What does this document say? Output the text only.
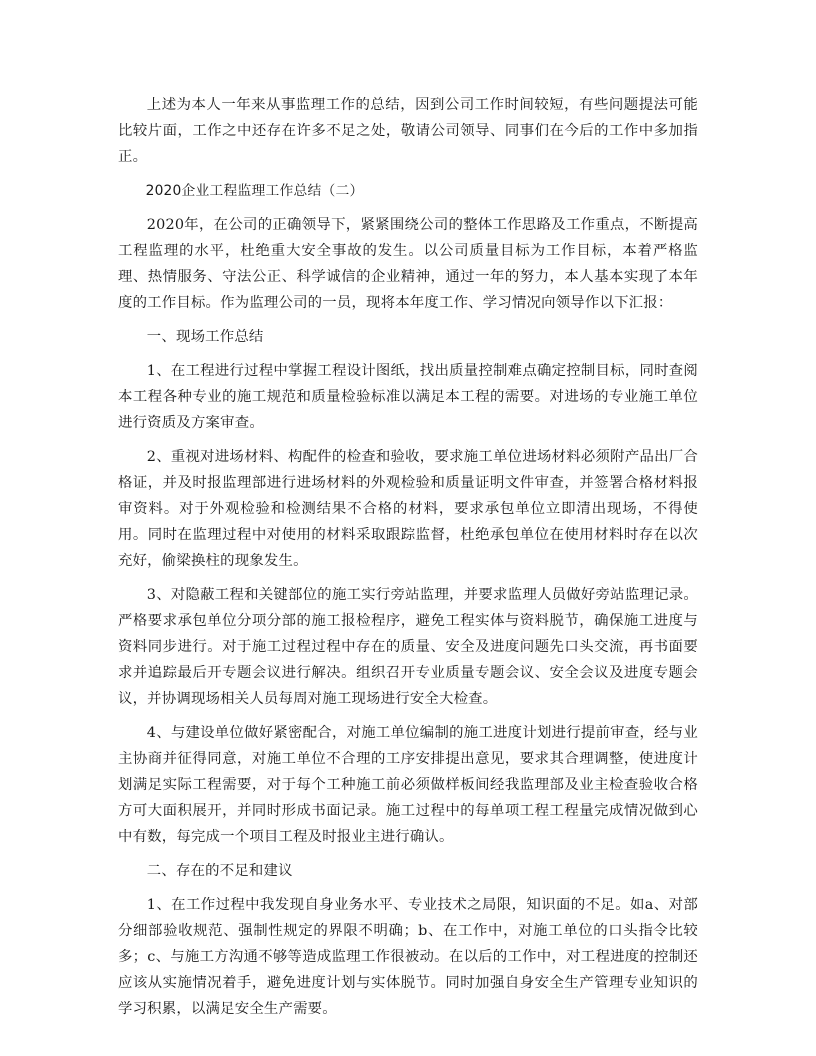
上述为本人一年来从事监理工作的总结，因到公司工作时间较短，有些问题提法可能比较片面，工作之中还存在许多不足之处，敬请公司领导、同事们在今后的工作中多加指正。

2020企业工程监理工作总结（二）

2020年，在公司的正确领导下，紧紧围绕公司的整体工作思路及工作重点，不断提高工程监理的水平，杜绝重大安全事故的发生。以公司质量目标为工作目标，本着严格监理、热情服务、守法公正、科学诚信的企业精神，通过一年的努力，本人基本实现了本年度的工作目标。作为监理公司的一员，现将本年度工作、学习情况向领导作以下汇报：

一、现场工作总结

1、在工程进行过程中掌握工程设计图纸，找出质量控制难点确定控制目标，同时查阅本工程各种专业的施工规范和质量检验标准以满足本工程的需要。对进场的专业施工单位进行资质及方案审查。

2、重视对进场材料、构配件的检查和验收，要求施工单位进场材料必须附产品出厂合格证，并及时报监理部进行进场材料的外观检验和质量证明文件审查，并签署合格材料报审资料。对于外观检验和检测结果不合格的材料，要求承包单位立即清出现场，不得使用。同时在监理过程中对使用的材料采取跟踪监督，杜绝承包单位在使用材料时存在以次充好，偷梁换柱的现象发生。

3、对隐蔽工程和关键部位的施工实行旁站监理，并要求监理人员做好旁站监理记录。严格要求承包单位分项分部的施工报检程序，避免工程实体与资料脱节，确保施工进度与资料同步进行。对于施工过程过程中存在的质量、安全及进度问题先口头交流，再书面要求并追踪最后开专题会议进行解决。组织召开专业质量专题会议、安全会议及进度专题会议，并协调现场相关人员每周对施工现场进行安全大检查。

4、与建设单位做好紧密配合，对施工单位编制的施工进度计划进行提前审查，经与业主协商并征得同意，对施工单位不合理的工序安排提出意见，要求其合理调整，使进度计划满足实际工程需要，对于每个工种施工前必须做样板间经我监理部及业主检查验收合格方可大面积展开，并同时形成书面记录。施工过程中的每单项工程工程量完成情况做到心中有数，每完成一个项目工程及时报业主进行确认。

二、存在的不足和建议

1、在工作过程中我发现自身业务水平、专业技术之局限，知识面的不足。如a、对部分细部验收规范、强制性规定的界限不明确；b、在工作中，对施工单位的口头指令比较多；c、与施工方沟通不够等造成监理工作很被动。在以后的工作中，对工程进度的控制还应该从实施情况着手，避免进度计划与实体脱节。同时加强自身安全生产管理专业知识的学习积累，以满足安全生产需要。
